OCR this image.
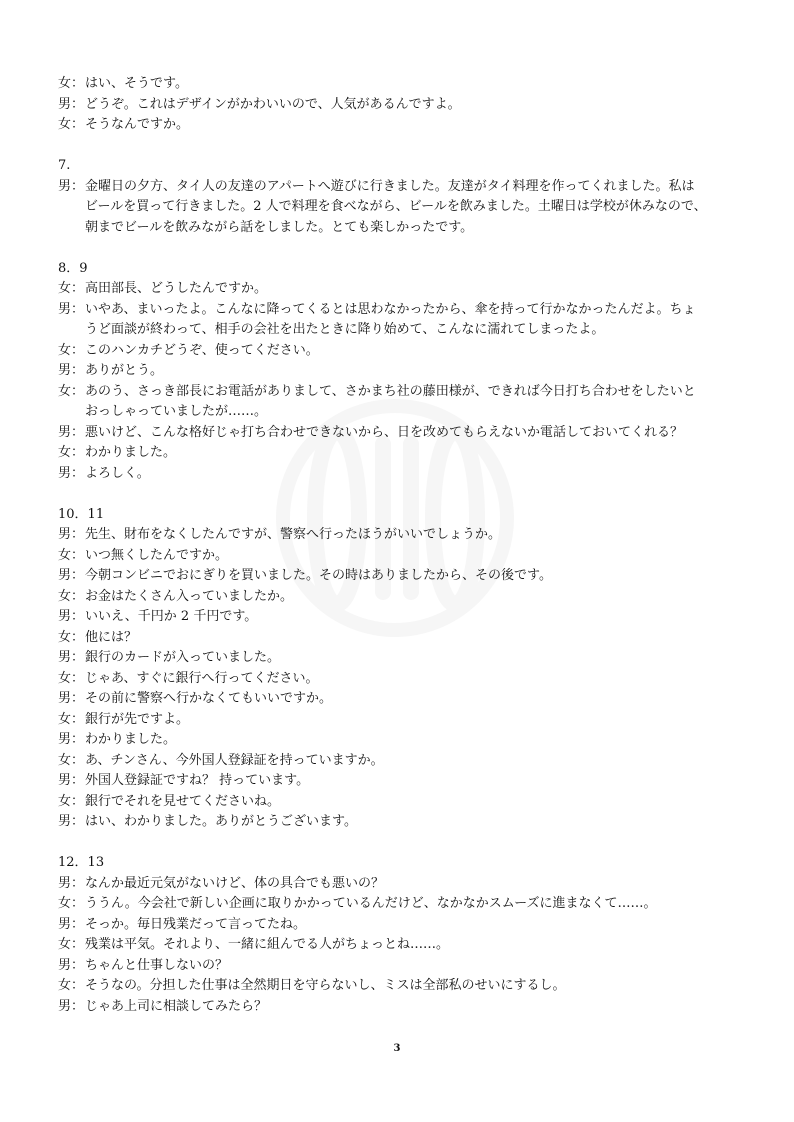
女： はい、そうです。
男： どうぞ。これはデザインがかわいいので、人気があるんですよ。
女： そうなんですか。
7.
男： 金曜日の夕方、タイ人の友達のアパートへ遊びに行きました。友達がタイ料理を作ってくれました。私は
ビールを買って行きました。2 人で料理を食べながら、ビールを飲みました。土曜日は学校が休みなので、
朝までビールを飲みながら話をしました。とても楽しかったです。
8．9
女： 高田部長、どうしたんですか。
男： いやあ、まいったよ。こんなに降ってくるとは思わなかったから、傘を持って行かなかったんだよ。ちょ
うど面談が終わって、相手の会社を出たときに降り始めて、こんなに濡れてしまったよ。
女： このハンカチどうぞ、使ってください。
男： ありがとう。
女： あのう、さっき部長にお電話がありまして、さかまち社の藤田様が、できれば今日打ち合わせをしたいと
おっしゃっていましたが……。
男： 悪いけど、こんな格好じゃ打ち合わせできないから、日を改めてもらえないか電話しておいてくれる？
女： わかりました。
男： よろしく。
10．11
男： 先生、財布をなくしたんですが、警察へ行ったほうがいいでしょうか。
女： いつ無くしたんですか。
男： 今朝コンビニでおにぎりを買いました。その時はありましたから、その後です。
女： お金はたくさん入っていましたか。
男： いいえ、千円か 2 千円です。
女： 他には？
男： 銀行のカードが入っていました。
女： じゃあ、すぐに銀行へ行ってください。
男： その前に警察へ行かなくてもいいですか。
女： 銀行が先ですよ。
男： わかりました。
女： あ、チンさん、今外国人登録証を持っていますか。
男： 外国人登録証ですね？ 持っています。
女： 銀行でそれを見せてくださいね。
男： はい、わかりました。ありがとうございます。
12．13
男： なんか最近元気がないけど、体の具合でも悪いの？
女： ううん。今会社で新しい企画に取りかかっているんだけど、なかなかスムーズに進まなくて……。
男： そっか。毎日残業だって言ってたね。
女： 残業は平気。それより、一緒に組んでる人がちょっとね……。
男： ちゃんと仕事しないの？
女： そうなの。分担した仕事は全然期日を守らないし、ミスは全部私のせいにするし。
男： じゃあ上司に相談してみたら？
3
